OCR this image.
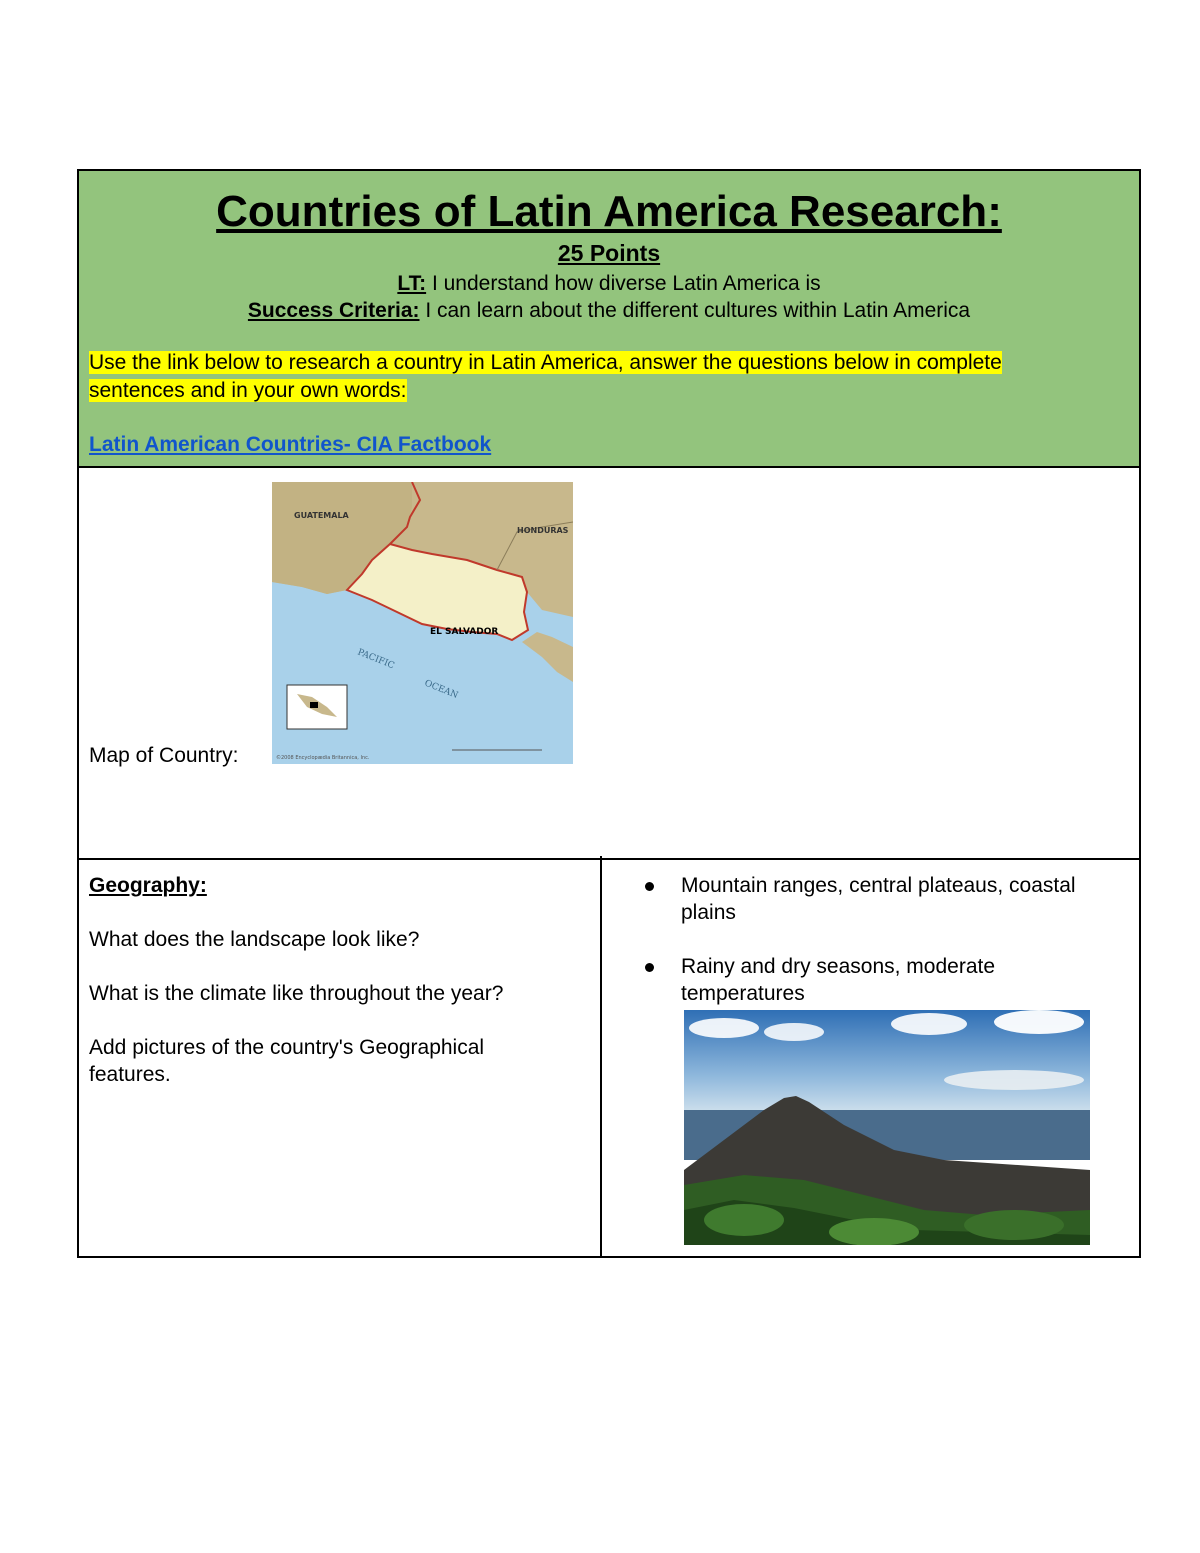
Countries of Latin America Research:
25 Points
LT: I understand how diverse Latin America is
Success Criteria: I can learn about the different cultures within Latin America
Use the link below to research a country in Latin America, answer the questions below in complete
sentences and in your own words:
Latin American Countries- CIA Factbook
Map of Country:
GUATEMALA
HONDURAS
EL SALVADOR
PACIFIC
OCEAN
©2008 Encyclopædia Britannica, Inc.

Geography:

What does the landscape look like?

What is the climate like throughout the year?

Add pictures of the country's Geographical
features.

Mountain ranges, central plateaus, coastal
plains
Rainy and dry seasons, moderate
temperatures
